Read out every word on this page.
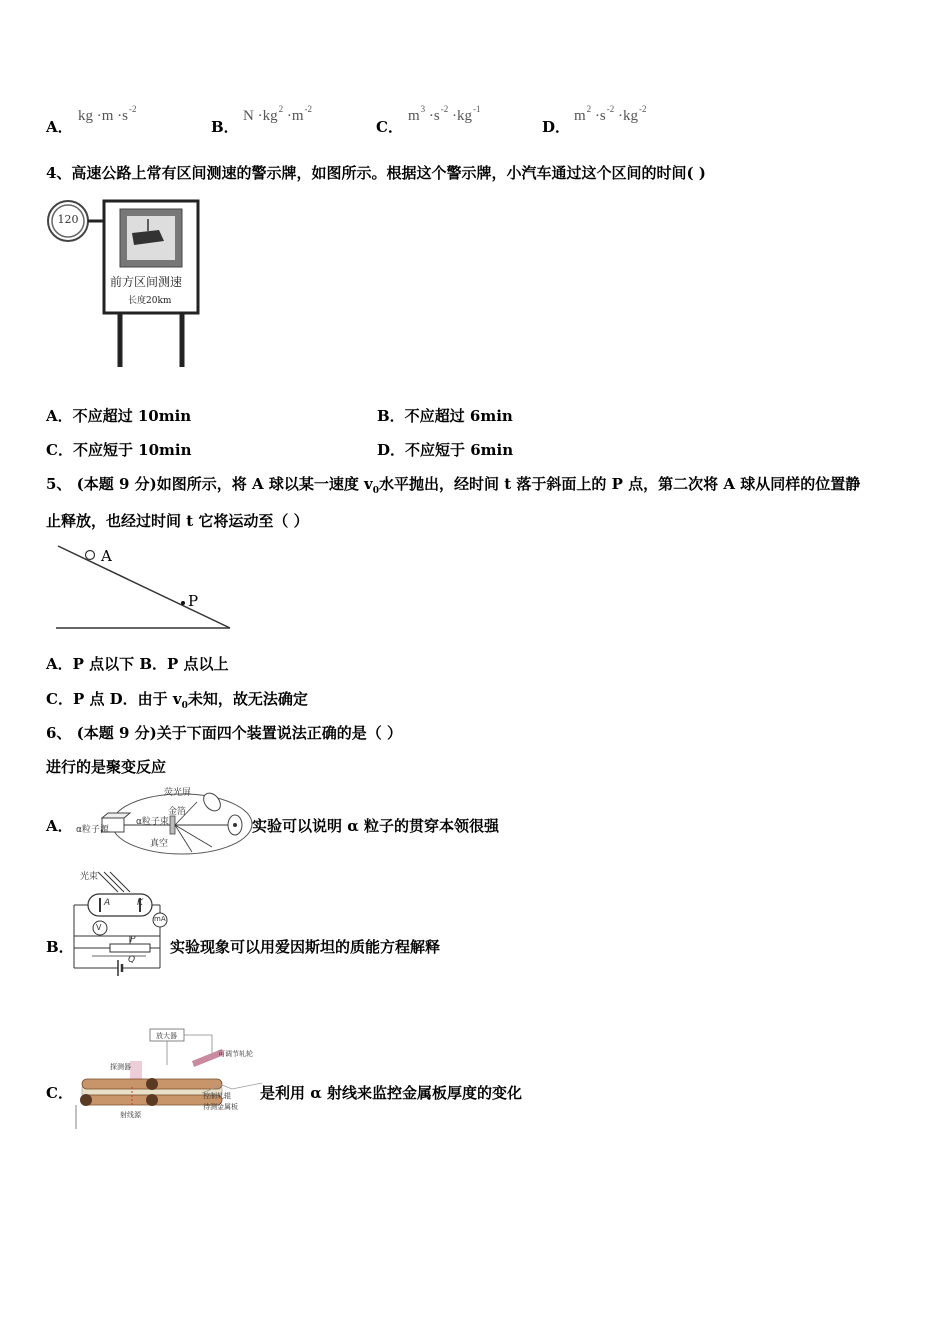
A．
kg $\cdot m \cdot s^{-2}$
B．
$N \cdot kg^2 \cdot m^{-2}$
C．
$m^3 \cdot s^{-2} \cdot kg^{-1}$
D．
$m^2 \cdot s^{-2} \cdot kg^{-2}$
4、高速公路上常有区间测速的警示牌，如图所示。根据这个警示牌，小汽车通过这个区间的时间( )
120
前方区间测速
长度20km
A．不应超过 10min	B．不应超过 6min
C．不应短于 10min	D．不应短于 6min
5、 (本题 9 分)如图所示，将 A 球以某一速度 $v_0$水平抛出，经时间 t 落于斜面上的 P 点，第二次将 A 球从同样的位置静
止释放，也经过时间 t 它将运动至（ ）
A
P
A．P 点以下 B．P 点以上
C．P 点 D．由于 $v_0$未知，故无法确定
6、 (本题 9 分)关于下面四个装置说法正确的是（ ）
进行的是聚变反应
A．
荧光屏
金箔
α粒子源
α粒子束
真空
实验可以说明 α 粒子的贯穿本领很强
B．
光束
A	K
mA
V
P
Q
实验现象可以用爱因斯坦的质能方程解释
C．
放大器
探测器
可调节轧轮
控制轧辊
待测金属板
射线源
是利用 α 射线来监控金属板厚度的变化
